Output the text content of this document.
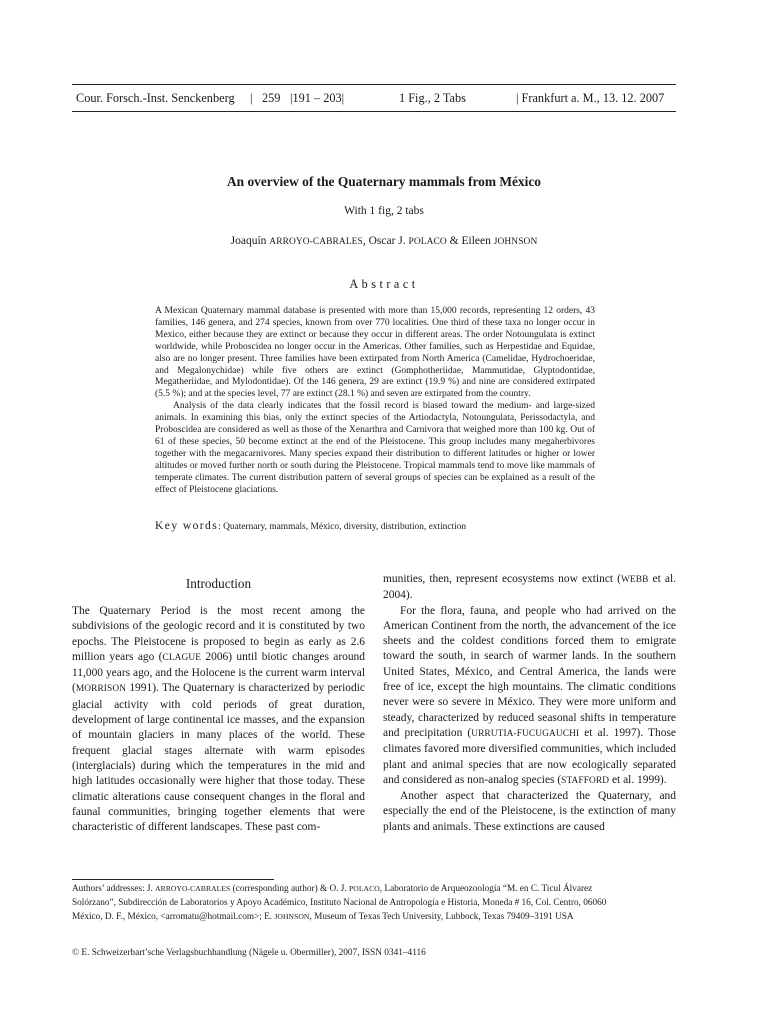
Cour. Forsch.-Inst. Senckenberg | 259 |191 – 203|	1 Fig., 2 Tabs	| Frankfurt a. M., 13. 12. 2007
An overview of the Quaternary mammals from México
With 1 fig, 2 tabs
Joaquín ARROYO-CABRALES, Oscar J. POLACO & Eileen JOHNSON
Abstract

A Mexican Quaternary mammal database is presented with more than 15,000 records, representing 12 orders, 43 families, 146 genera, and 274 species, known from over 770 localities. One third of these taxa no longer occur in Mexico, either because they are extinct or because they occur in different areas. The order Notoungulata is extinct worldwide, while Proboscidea no longer occur in the Americas. Other families, such as Herpestidae and Equidae, also are no longer present. Three families have been extirpated from North America (Camelidae, Hydrochoeridae, and Megalonychidae) while five others are extinct (Gomphotheriidae, Mammutidae, Glyptodontidae, Megatheriidae, and Mylodontidae). Of the 146 genera, 29 are extinct (19.9 %) and nine are considered extirpated (5.5 %); and at the species level, 77 are extinct (28.1 %) and seven are extirpated from the country.

Analysis of the data clearly indicates that the fossil record is biased toward the medium- and large-sized animals. In examining this bias, only the extinct species of the Artiodactyla, Notoungulata, Perissodactyla, and Proboscidea are considered as well as those of the Xenarthra and Carnivora that weighed more than 100 kg. Out of 61 of these species, 50 become extinct at the end of the Pleistocene. This group includes many megaherbivores together with the megacarnivores. Many species expand their distribution to different latitudes or higher or lower altitudes or moved further north or south during the Pleistocene. Tropical mammals tend to move like mammals of temperate climates. The current distribution pattern of several groups of species can be explained as a result of the effect of Pleistocene glaciations.

Key words: Quaternary, mammals, México, diversity, distribution, extinction

Introduction

The Quaternary Period is the most recent among the subdivisions of the geologic record and it is constituted by two epochs. The Pleistocene is proposed to begin as early as 2.6 million years ago (CLAGUE 2006) until biotic changes around 11,000 years ago, and the Holocene is the current warm interval (MORRISON 1991). The Quaternary is characterized by periodic glacial activity with cold periods of great duration, development of large continental ice masses, and the expansion of mountain glaciers in many places of the world. These frequent glacial stages alternate with warm episodes (interglacials) during which the temperatures in the mid and high latitudes occasionally were higher that those today. These climatic alterations cause consequent changes in the floral and faunal communities, bringing together elements that were characteristic of different landscapes. These past com-

munities, then, represent ecosystems now extinct (WEBB et al. 2004).

For the flora, fauna, and people who had arrived on the American Continent from the north, the advancement of the ice sheets and the coldest conditions forced them to emigrate toward the south, in search of warmer lands. In the southern United States, México, and Central America, the lands were free of ice, except the high mountains. The climatic conditions never were so severe in México. They were more uniform and steady, characterized by reduced seasonal shifts in temperature and precipitation (URRUTIA-FUCUGAUCHI et al. 1997). Those climates favored more diversified communities, which included plant and animal species that are now ecologically separated and considered as non-analog species (STAFFORD et al. 1999).

Another aspect that characterized the Quaternary, and especially the end of the Pleistocene, is the extinction of many plants and animals. These extinctions are caused

Authors’ addresses: J. ARROYO-CABRALES (corresponding author) & O. J. POLACO, Laboratorio de Arqueozoología “M. en C. Ticul Álvarez

Solórzano”, Subdirección de Laboratorios y Apoyo Académico, Instituto Nacional de Antropología e Historia, Moneda # 16, Col. Centro, 06060

México, D. F., México, <arromatu@hotmail.com>; E. JOHNSON, Museum of Texas Tech University, Lubbock, Texas 79409–3191 USA

© E. Schweizerbart’sche Verlagsbuchhandlung (Nägele u. Obermiller), 2007, ISSN 0341–4116
